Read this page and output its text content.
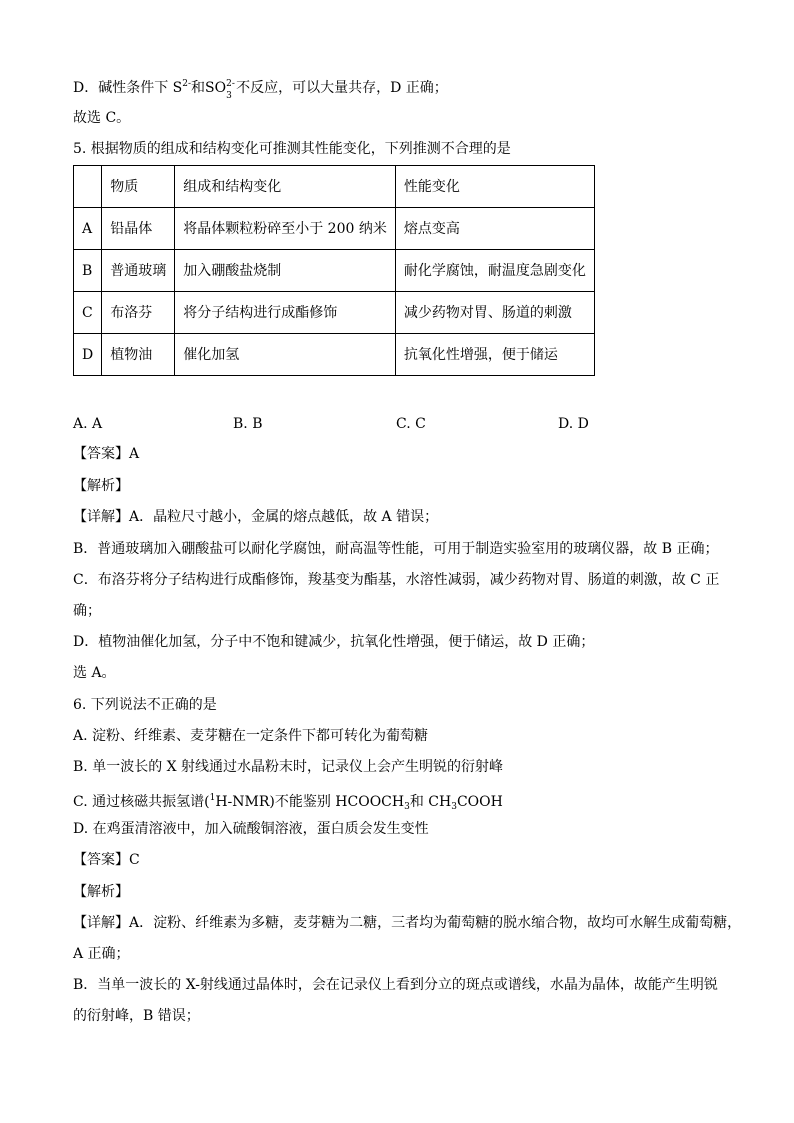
D．碱性条件下 $S^{2-}$和SO 2-
3 不反应，可以大量共存，D 正确；
故选 C。
5. 根据物质的组成和结构变化可推测其性能变化，下列推测不合理的是
	物质	组成和结构变化	性能变化
A	铅晶体	将晶体颗粒粉碎至小于 200 纳米	熔点变高
B	普通玻璃	加入硼酸盐烧制	耐化学腐蚀，耐温度急剧变化
C	布洛芬	将分子结构进行成酯修饰	减少药物对胃、肠道的刺激
D	植物油	催化加氢	抗氧化性增强，便于储运
A. A	B. B	C. C	D. D
【答案】A
【解析】
【详解】A．晶粒尺寸越小，金属的熔点越低，故 A 错误；
B．普通玻璃加入硼酸盐可以耐化学腐蚀，耐高温等性能，可用于制造实验室用的玻璃仪器，故 B 正确；
C．布洛芬将分子结构进行成酯修饰，羧基变为酯基，水溶性减弱，减少药物对胃、肠道的刺激，故 C 正
确；
D．植物油催化加氢，分子中不饱和键减少，抗氧化性增强，便于储运，故 D 正确；
选 A。
6. 下列说法不正确的是
A. 淀粉、纤维素、麦芽糖在一定条件下都可转化为葡萄糖
B. 单一波长的 X 射线通过水晶粉末时，记录仪上会产生明锐的衍射峰
C. 通过核磁共振氢谱($^1$H-NMR)不能鉴别 $HCOOCH_3$和 $CH_3COOH$
D. 在鸡蛋清溶液中，加入硫酸铜溶液，蛋白质会发生变性
【答案】C
【解析】
【详解】A．淀粉、纤维素为多糖，麦芽糖为二糖，三者均为葡萄糖的脱水缩合物，故均可水解生成葡萄糖，
A 正确；
B．当单一波长的 X-射线通过晶体时，会在记录仪上看到分立的斑点或谱线，水晶为晶体，故能产生明锐
的衍射峰，B 错误；
